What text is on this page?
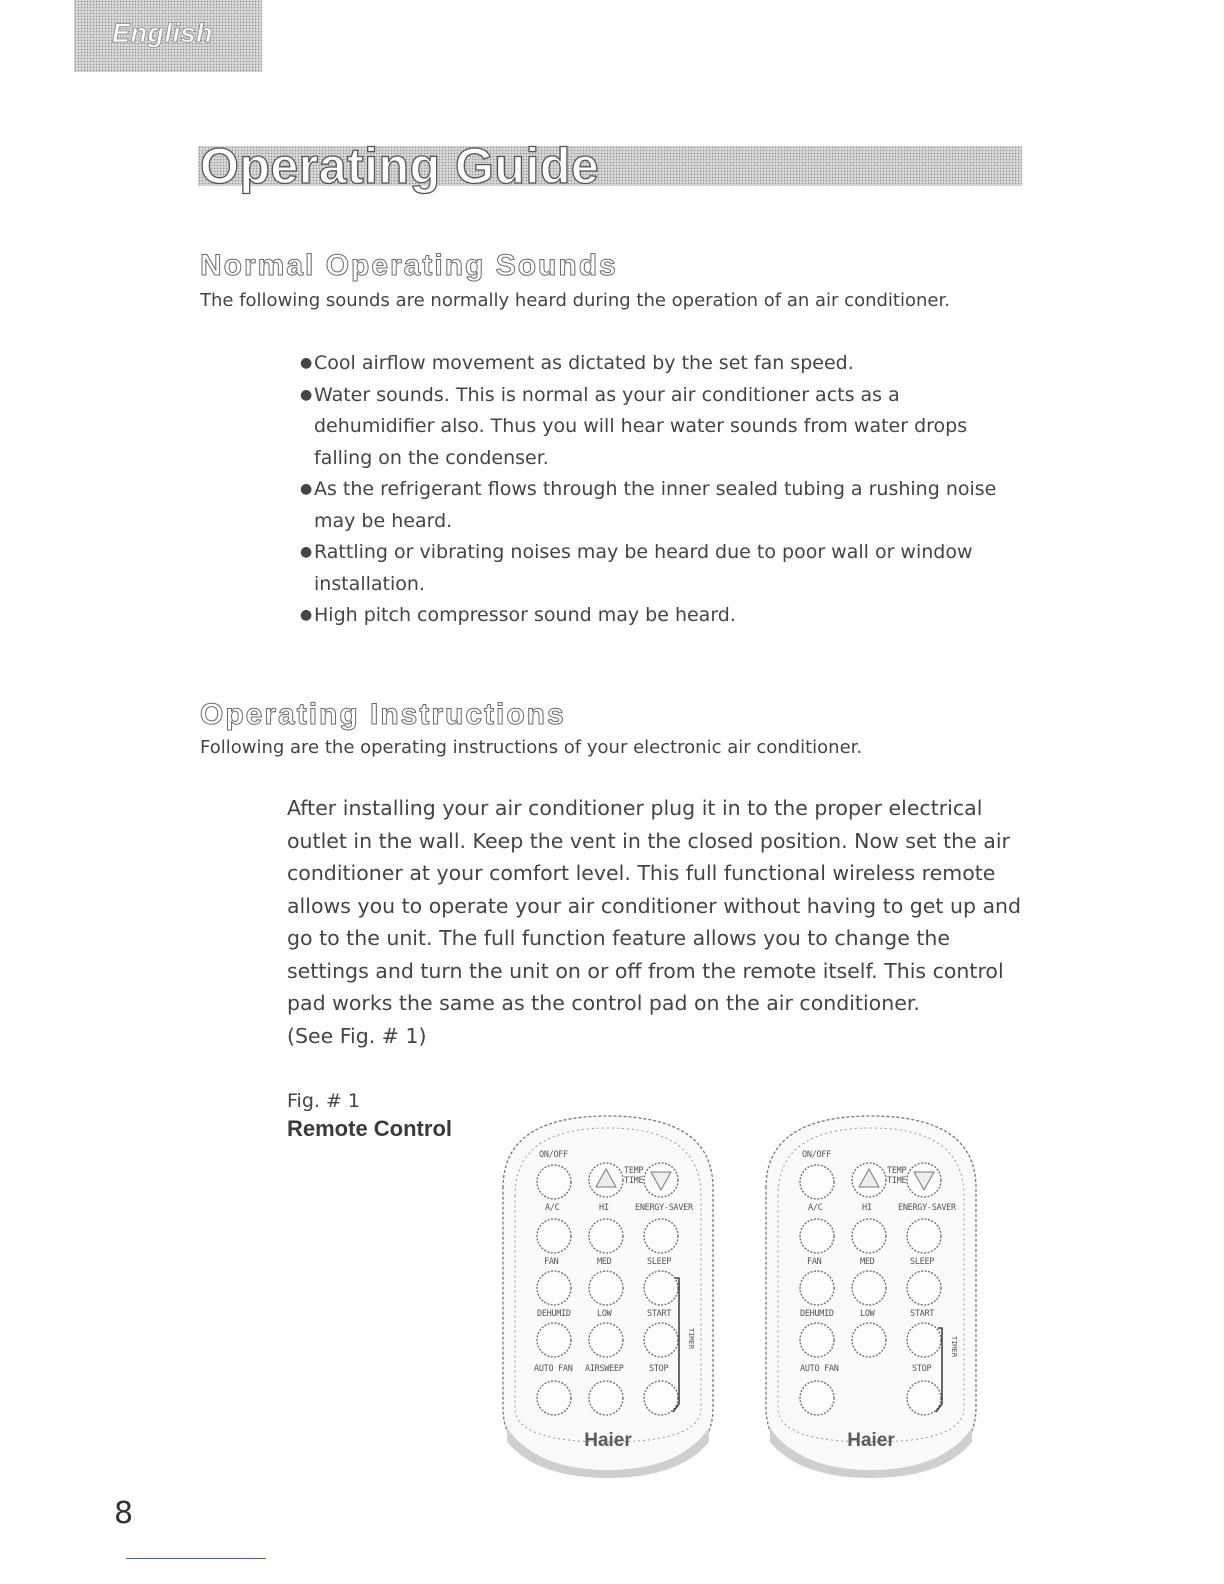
English
Operating Guide
Normal Operating Sounds

The following sounds are normally heard during the operation of an air conditioner.

●Cool airflow movement as dictated by the set fan speed.
●Water sounds. This is normal as your air conditioner acts as a dehumidifier also. Thus you will hear water sounds from water drops falling on the condenser.
●As the refrigerant flows through the inner sealed tubing a rushing noise may be heard.
●Rattling or vibrating noises may be heard due to poor wall or window installation.
●High pitch compressor sound may be heard.
Operating Instructions

Following are the operating instructions of your electronic air conditioner.

After installing your air conditioner plug it in to the proper electrical outlet in the wall. Keep the vent in the closed position. Now set the air conditioner at your comfort level. This full functional wireless remote allows you to operate your air conditioner without having to get up and go to the unit. The full function feature allows you to change the settings and turn the unit on or off from the remote itself. This control pad works the same as the control pad on the air conditioner.
(See Fig. # 1)

Fig. # 1

Remote Control

ON/OFF
TEMP
TIME
A/C	HI	ENERGY-SAVER
FAN	MED	SLEEP
DEHUMID	LOW	START
AUTO FAN AIRSWEEP	STOP
TIMER
Haier
ON/OFF
TEMP
TIME
A/C	HI	ENERGY-SAVER
FAN	MED	SLEEP
DEHUMID	LOW	START
AUTO FAN	STOP
TIMER
Haier

8
